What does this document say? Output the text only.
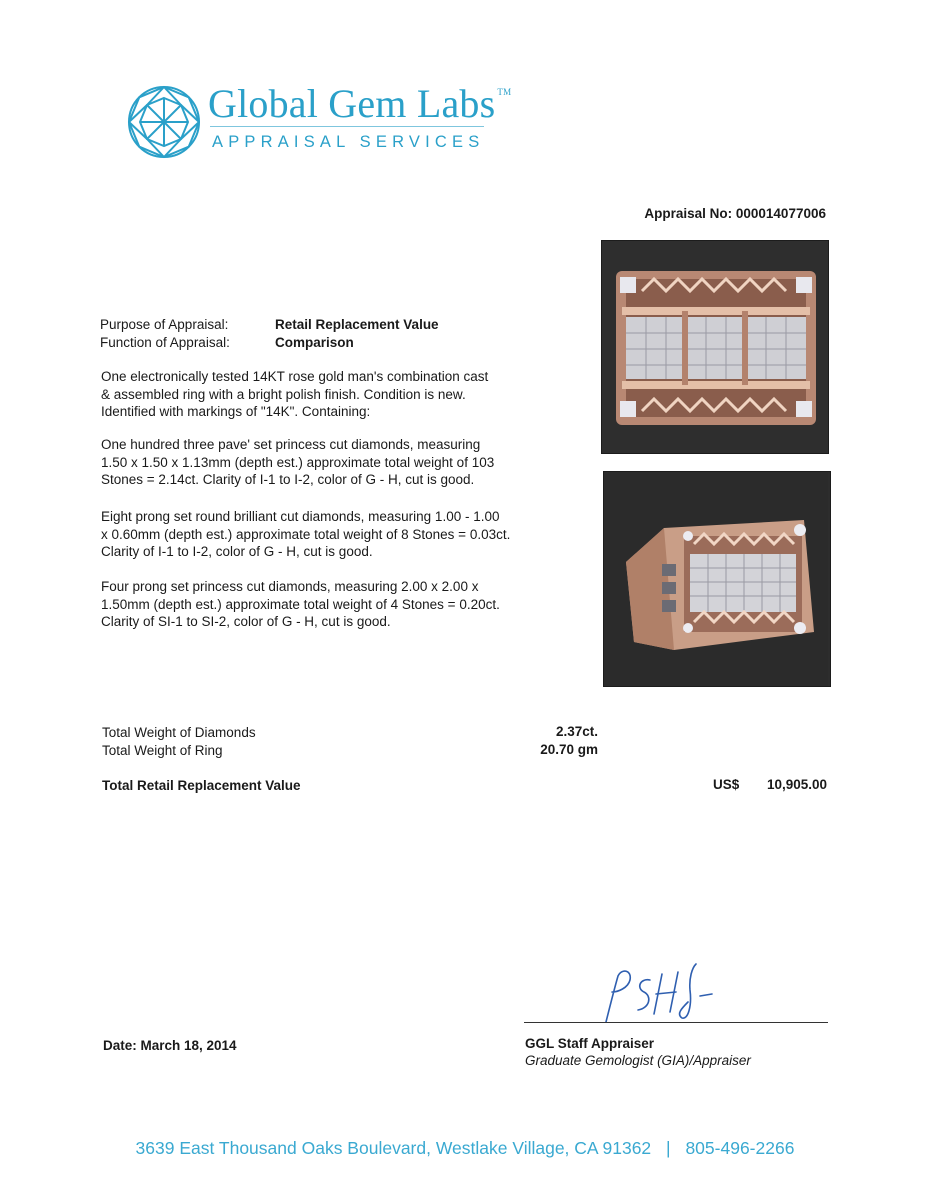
Global Gem Labs ™
APPRAISAL SERVICES
Appraisal No: 000014077006
Purpose of Appraisal:	Retail Replacement Value
Function of Appraisal:	Comparison
One electronically tested 14KT rose gold man's combination cast
& assembled ring with a bright polish finish. Condition is new.
Identified with markings of "14K". Containing:
One hundred three pave' set princess cut diamonds, measuring
1.50 x 1.50 x 1.13mm (depth est.) approximate total weight of 103
Stones = 2.14ct. Clarity of I-1 to I-2, color of G - H, cut is good.
Eight prong set round brilliant cut diamonds, measuring 1.00 - 1.00
x 0.60mm (depth est.) approximate total weight of 8 Stones = 0.03ct.
Clarity of I-1 to I-2, color of G - H, cut is good.
Four prong set princess cut diamonds, measuring 2.00 x 2.00 x
1.50mm (depth est.) approximate total weight of 4 Stones = 0.20ct.
Clarity of SI-1 to SI-2, color of G - H, cut is good.
Total Weight of Diamonds	2.37ct.
Total Weight of Ring	20.70 gm
Total Retail Replacement Value	US$	10,905.00
Date: March 18, 2014	GGL Staff Appraiser
Graduate Gemologist (GIA)/Appraiser
3639 East Thousand Oaks Boulevard, Westlake Village, CA 91362 | 805-496-2266
